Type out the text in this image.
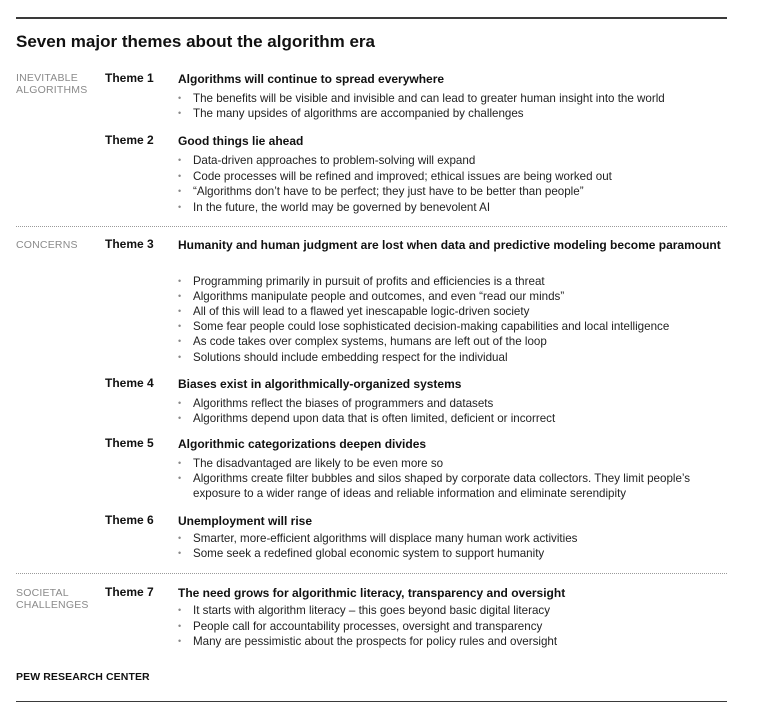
Seven major themes about the algorithm era
INEVITABLE
ALGORITHMS
CONCERNS
SOCIETAL
CHALLENGES
Theme 1
Theme 2
Theme 3
Theme 4
Theme 5
Theme 6
Theme 7
Algorithms will continue to spread everywhere
Good things lie ahead
Humanity and human judgment are lost when data and predictive modeling become paramount
Biases exist in algorithmically-organized systems
Algorithmic categorizations deepen divides
Unemployment will rise
The need grows for algorithmic literacy, transparency and oversight
• The benefits will be visible and invisible and can lead to greater human insight into the world
• The many upsides of algorithms are accompanied by challenges
• Data-driven approaches to problem-solving will expand
• Code processes will be refined and improved; ethical issues are being worked out
• “Algorithms don’t have to be perfect; they just have to be better than people”
• In the future, the world may be governed by benevolent AI
• Programming primarily in pursuit of profits and efficiencies is a threat
• Algorithms manipulate people and outcomes, and even “read our minds”
• All of this will lead to a flawed yet inescapable logic-driven society
• Some fear people could lose sophisticated decision-making capabilities and local intelligence
• As code takes over complex systems, humans are left out of the loop
• Solutions should include embedding respect for the individual
• Algorithms reflect the biases of programmers and datasets
• Algorithms depend upon data that is often limited, deficient or incorrect
• The disadvantaged are likely to be even more so
• Algorithms create filter bubbles and silos shaped by corporate data collectors. They limit people’s exposure to a wider range of ideas and reliable information and eliminate serendipity
• Smarter, more-efficient algorithms will displace many human work activities
• Some seek a redefined global economic system to support humanity
• It starts with algorithm literacy – this goes beyond basic digital literacy
• People call for accountability processes, oversight and transparency
• Many are pessimistic about the prospects for policy rules and oversight
PEW RESEARCH CENTER
